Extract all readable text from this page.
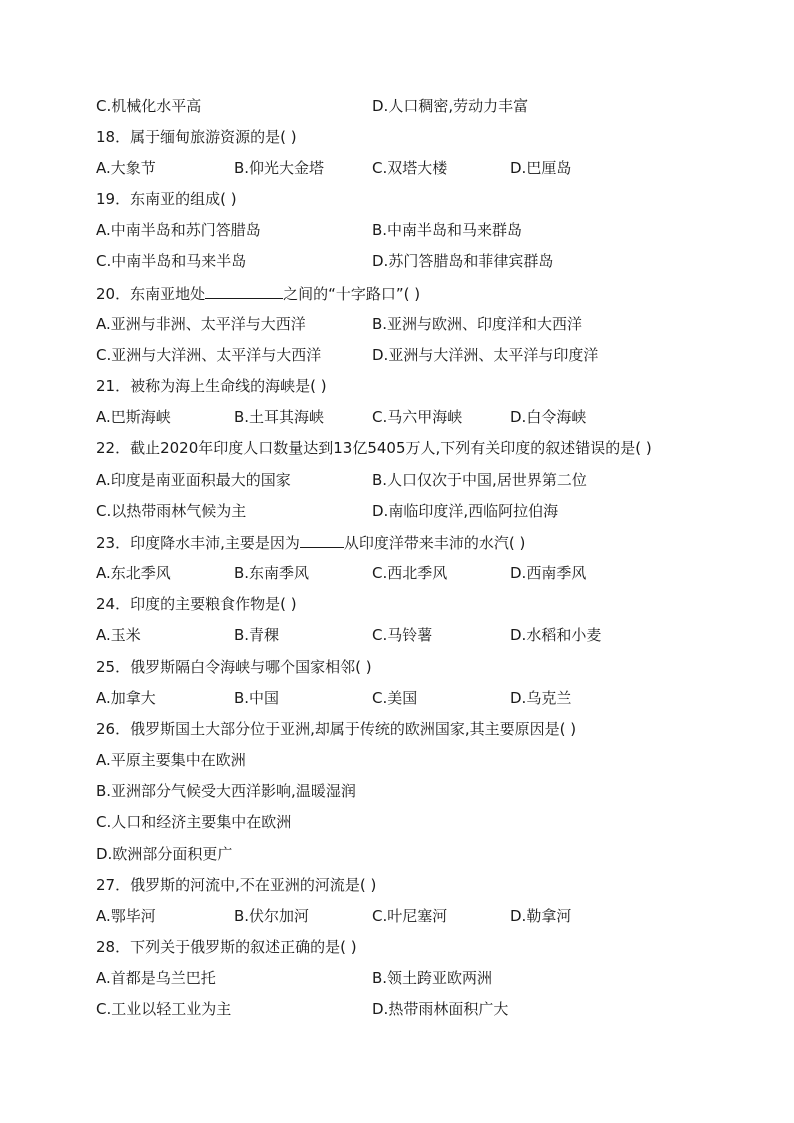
C.机械化水平高	D.人口稠密,劳动力丰富
18．属于缅甸旅游资源的是( )
A.大象节	B.仰光大金塔	C.双塔大楼	D.巴厘岛
19．东南亚的组成( )
A.中南半岛和苏门答腊岛	B.中南半岛和马来群岛
C.中南半岛和马来半岛	D.苏门答腊岛和菲律宾群岛
20．东南亚地处	之间的“十字路口”( )
A.亚洲与非洲、太平洋与大西洋	B.亚洲与欧洲、印度洋和大西洋
C.亚洲与大洋洲、太平洋与大西洋	D.亚洲与大洋洲、太平洋与印度洋
21．被称为海上生命线的海峡是( )
A.巴斯海峡	B.土耳其海峡	C.马六甲海峡	D.白令海峡
22．截止2020年印度人口数量达到13亿5405万人,下列有关印度的叙述错误的是( )
A.印度是南亚面积最大的国家	B.人口仅次于中国,居世界第二位
C.以热带雨林气候为主	D.南临印度洋,西临阿拉伯海
23．印度降水丰沛,主要是因为	从印度洋带来丰沛的水汽( )
A.东北季风	B.东南季风	C.西北季风	D.西南季风
24．印度的主要粮食作物是( )
A.玉米	B.青稞	C.马铃薯	D.水稻和小麦
25．俄罗斯隔白令海峡与哪个国家相邻( )
A.加拿大	B.中国	C.美国	D.乌克兰
26．俄罗斯国土大部分位于亚洲,却属于传统的欧洲国家,其主要原因是( )
A.平原主要集中在欧洲
B.亚洲部分气候受大西洋影响,温暖湿润
C.人口和经济主要集中在欧洲
D.欧洲部分面积更广
27．俄罗斯的河流中,不在亚洲的河流是( )
A.鄂毕河	B.伏尔加河	C.叶尼塞河	D.勒拿河
28．下列关于俄罗斯的叙述正确的是( )
A.首都是乌兰巴托	B.领土跨亚欧两洲
C.工业以轻工业为主	D.热带雨林面积广大
